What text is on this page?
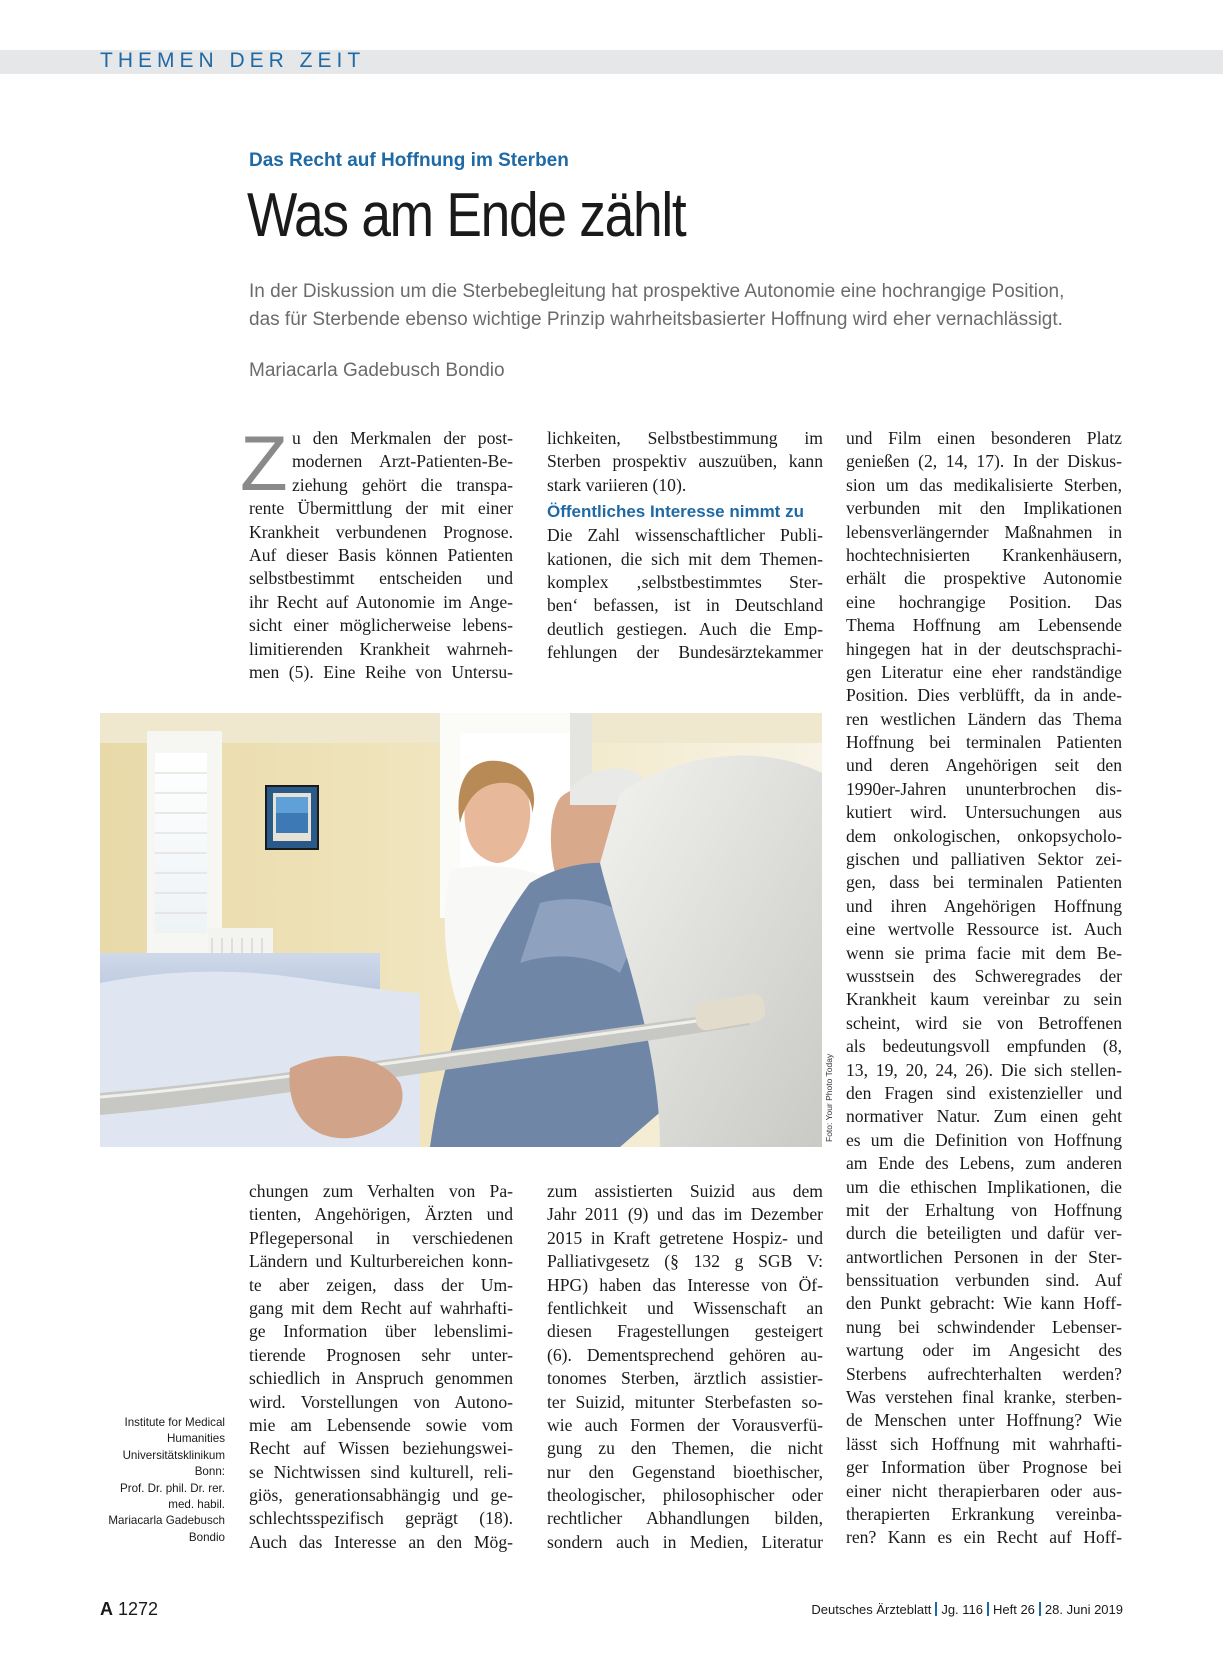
THEMEN DER ZEIT
Das Recht auf Hoffnung im Sterben
Was am Ende zählt
In der Diskussion um die Sterbebegleitung hat prospektive Autonomie eine hochrangige Position,
das für Sterbende ebenso wichtige Prinzip wahrheitsbasierter Hoffnung wird eher vernachlässigt.
Mariacarla Gadebusch Bondio
Z u den Merkmalen der post-
modernen Arzt-Patienten-Be-
ziehung gehört die transpa-
rente Übermittlung der mit einer
Krankheit verbundenen Prognose.
Auf dieser Basis können Patienten
selbstbestimmt entscheiden und
ihr Recht auf Autonomie im Ange-
sicht einer möglicherweise lebens-
limitierenden Krankheit wahrneh-
men (5). Eine Reihe von Untersu-
lichkeiten, Selbstbestimmung im
Sterben prospektiv auszuüben, kann
stark variieren (10).
Öffentliches Interesse nimmt zu
Die Zahl wissenschaftlicher Publi-
kationen, die sich mit dem Themen-
komplex ‚selbstbestimmtes Ster-
ben‘ befassen, ist in Deutschland
deutlich gestiegen. Auch die Emp-
fehlungen der Bundesärztekammer
und Film einen besonderen Platz
genießen (2, 14, 17). In der Diskus-
sion um das medikalisierte Sterben,
verbunden mit den Implikationen
lebensverlängernder Maßnahmen in
hochtechnisierten Krankenhäusern,
erhält die prospektive Autonomie
eine hochrangige Position. Das
Thema Hoffnung am Lebensende
hingegen hat in der deutschsprachi-
gen Literatur eine eher randständige
Position. Dies verblüfft, da in ande-
ren westlichen Ländern das Thema
Hoffnung bei terminalen Patienten
und deren Angehörigen seit den
1990er-Jahren ununterbrochen dis-
kutiert wird. Untersuchungen aus
dem onkologischen, onkopsycholo-
gischen und palliativen Sektor zei-
gen, dass bei terminalen Patienten
und ihren Angehörigen Hoffnung
eine wertvolle Ressource ist. Auch
wenn sie prima facie mit dem Be-
wusstsein des Schweregrades der
Krankheit kaum vereinbar zu sein
scheint, wird sie von Betroffenen
als bedeutungsvoll empfunden (8,
13, 19, 20, 24, 26). Die sich stellen-
den Fragen sind existenzieller und
normativer Natur. Zum einen geht
es um die Definition von Hoffnung
am Ende des Lebens, zum anderen
um die ethischen Implikationen, die
mit der Erhaltung von Hoffnung
durch die beteiligten und dafür ver-
antwortlichen Personen in der Ster-
benssituation verbunden sind. Auf
den Punkt gebracht: Wie kann Hoff-
nung bei schwindender Lebenser-
wartung oder im Angesicht des
Sterbens aufrechterhalten werden?
Was verstehen final kranke, sterben-
de Menschen unter Hoffnung? Wie
lässt sich Hoffnung mit wahrhafti-
ger Information über Prognose bei
einer nicht therapierbaren oder aus-
therapierten Erkrankung vereinba-
ren? Kann es ein Recht auf Hoff-
Foto: Your Photo Today
chungen zum Verhalten von Pa-
tienten, Angehörigen, Ärzten und
Pflegepersonal in verschiedenen
Ländern und Kulturbereichen konn-
te aber zeigen, dass der Um-
gang mit dem Recht auf wahrhafti-
ge Information über lebenslimi-
tierende Prognosen sehr unter-
schiedlich in Anspruch genommen
wird. Vorstellungen von Autono-
mie am Lebensende sowie vom
Recht auf Wissen beziehungswei-
se Nichtwissen sind kulturell, reli-
giös, generationsabhängig und ge-
schlechtsspezifisch geprägt (18).
Auch das Interesse an den Mög-
zum assistierten Suizid aus dem
Jahr 2011 (9) und das im Dezember
2015 in Kraft getretene Hospiz- und
Palliativgesetz (§ 132 g SGB V:
HPG) haben das Interesse von Öf-
fentlichkeit und Wissenschaft an
diesen Fragestellungen gesteigert
(6). Dementsprechend gehören au-
tonomes Sterben, ärztlich assistier-
ter Suizid, mitunter Sterbefasten so-
wie auch Formen der Vorausverfü-
gung zu den Themen, die nicht
nur den Gegenstand bioethischer,
theologischer, philosophischer oder
rechtlicher Abhandlungen bilden,
sondern auch in Medien, Literatur
Institute for Medical
Humanities
Universitätsklinikum
Bonn:
Prof. Dr. phil. Dr. rer.
med. habil.
Mariacarla Gadebusch
Bondio
A 1272	Deutsches Ärzteblatt Jg. 116 Heft 26 28. Juni 2019
